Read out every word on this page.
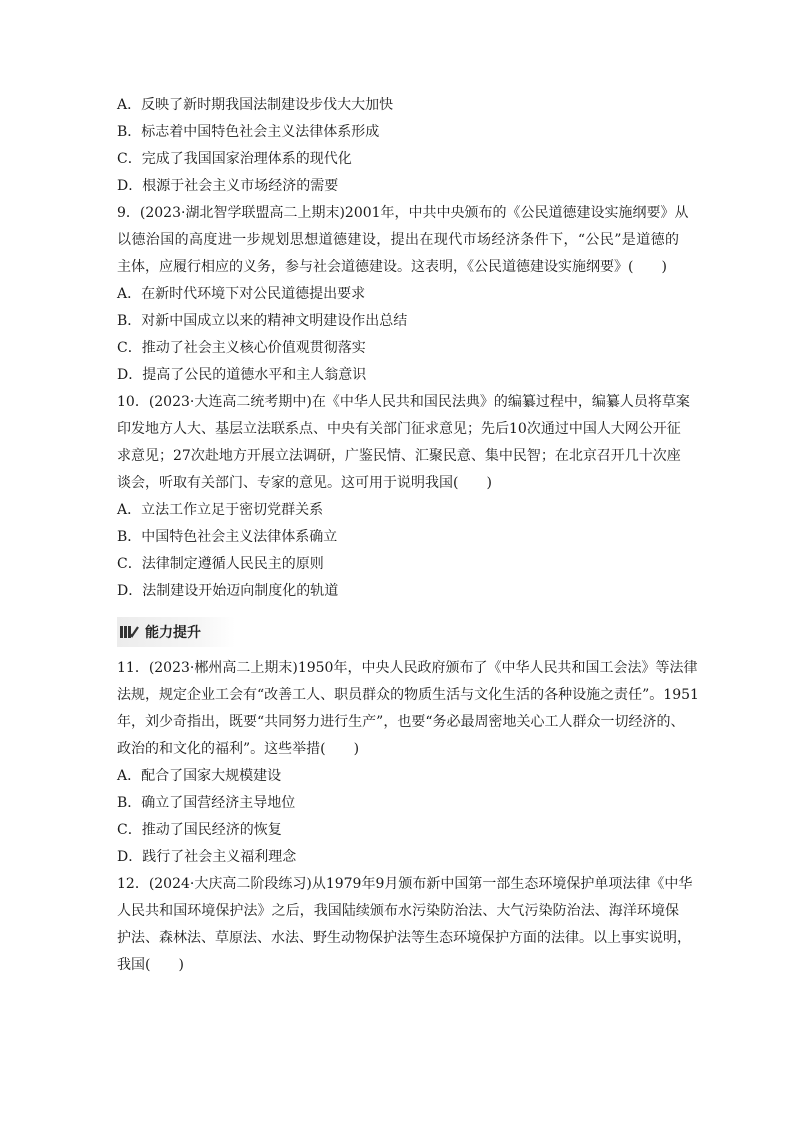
A．反映了新时期我国法制建设步伐大大加快
B．标志着中国特色社会主义法律体系形成
C．完成了我国国家治理体系的现代化
D．根源于社会主义市场经济的需要
9．(2023·湖北智学联盟高二上期末)2001年，中共中央颁布的《公民道德建设实施纲要》从
以德治国的高度进一步规划思想道德建设，提出在现代市场经济条件下，“公民”是道德的
主体，应履行相应的义务，参与社会道德建设。这表明，《公民道德建设实施纲要》(　　)
A．在新时代环境下对公民道德提出要求
B．对新中国成立以来的精神文明建设作出总结
C．推动了社会主义核心价值观贯彻落实
D．提高了公民的道德水平和主人翁意识
10．(2023·大连高二统考期中)在《中华人民共和国民法典》的编纂过程中，编纂人员将草案
印发地方人大、基层立法联系点、中央有关部门征求意见；先后10次通过中国人大网公开征
求意见；27次赴地方开展立法调研，广鉴民情、汇聚民意、集中民智；在北京召开几十次座
谈会，听取有关部门、专家的意见。这可用于说明我国(　　)
A．立法工作立足于密切党群关系
B．中国特色社会主义法律体系确立
C．法律制定遵循人民民主的原则
D．法制建设开始迈向制度化的轨道
能力提升
11．(2023·郴州高二上期末)1950年，中央人民政府颁布了《中华人民共和国工会法》等法律
法规，规定企业工会有“改善工人、职员群众的物质生活与文化生活的各种设施之责任”。1951
年，刘少奇指出，既要“共同努力进行生产”，也要“务必最周密地关心工人群众一切经济的、
政治的和文化的福利”。这些举措(　　)
A．配合了国家大规模建设
B．确立了国营经济主导地位
C．推动了国民经济的恢复
D．践行了社会主义福利理念
12．(2024·大庆高二阶段练习)从1979年9月颁布新中国第一部生态环境保护单项法律《中华
人民共和国环境保护法》之后，我国陆续颁布水污染防治法、大气污染防治法、海洋环境保
护法、森林法、草原法、水法、野生动物保护法等生态环境保护方面的法律。以上事实说明，
我国(　　)
